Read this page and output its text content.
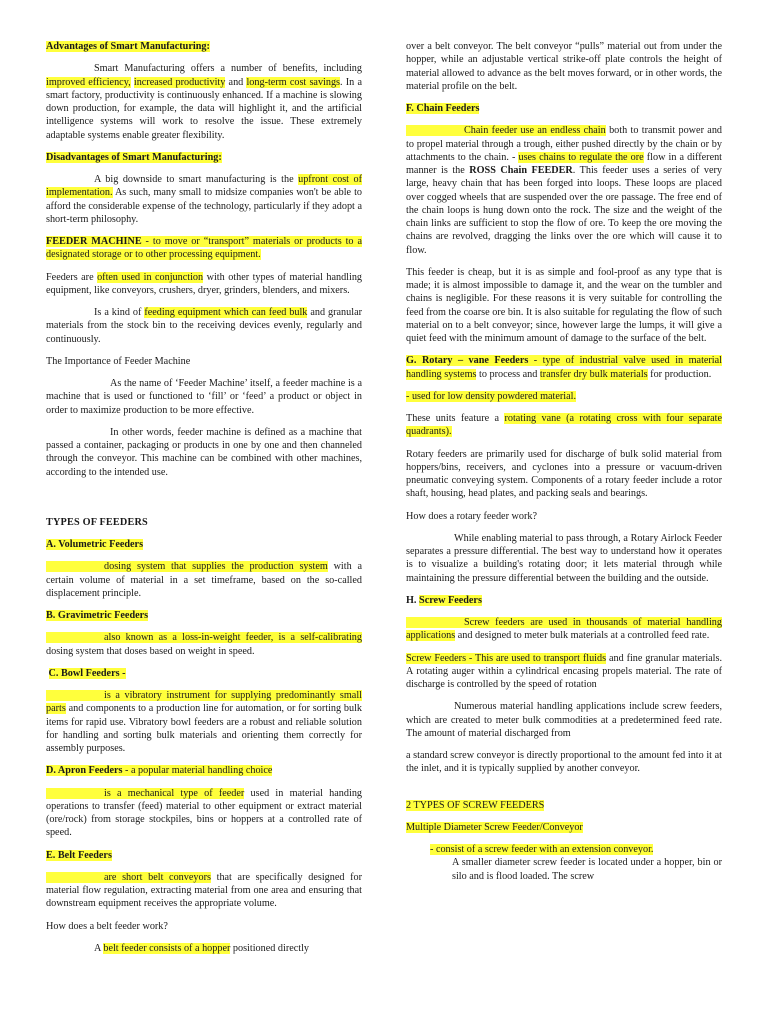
Advantages of Smart Manufacturing:

Smart Manufacturing offers a number of benefits, including improved efficiency, increased productivity and long-term cost savings. In a smart factory, productivity is continuously enhanced. If a machine is slowing down production, for example, the data will highlight it, and the artificial intelligence systems will work to resolve the issue. These extremely adaptable systems enable greater flexibility.

Disadvantages of Smart Manufacturing:

A big downside to smart manufacturing is the upfront cost of implementation. As such, many small to midsize companies won't be able to afford the considerable expense of the technology, particularly if they adopt a short-term philosophy.

FEEDER MACHINE - to move or “transport” materials or products to a designated storage or to other processing equipment.

Feeders are often used in conjunction with other types of material handling equipment, like conveyors, crushers, dryer, grinders, blenders, and mixers.

Is a kind of feeding equipment which can feed bulk and granular materials from the stock bin to the receiving devices evenly, regularly and continuously.

The Importance of Feeder Machine

As the name of ‘Feeder Machine’ itself, a feeder machine is a machine that is used or functioned to ‘fill’ or ‘feed’ a product or object in order to maximize production to be more effective.

In other words, feeder machine is defined as a machine that passed a container, packaging or products in one by one and then channeled through the conveyor. This machine can be combined with other machines, according to the intended use.

TYPES OF FEEDERS

A. Volumetric Feeders

dosing system that supplies the production system with a certain volume of material in a set timeframe, based on the so-called displacement principle.

B. Gravimetric Feeders

also known as a loss-in-weight feeder, is a self-calibrating dosing system that doses based on weight in speed.

C. Bowl Feeders -

is a vibratory instrument for supplying predominantly small parts and components to a production line for automation, or for sorting bulk items for rapid use. Vibratory bowl feeders are a robust and reliable solution for handling and sorting bulk materials and orienting them correctly for assembly purposes.

D. Apron Feeders - a popular material handling choice

is a mechanical type of feeder used in material handing operations to transfer (feed) material to other equipment or extract material (ore/rock) from storage stockpiles, bins or hoppers at a controlled rate of speed.

E. Belt Feeders

are short belt conveyors that are specifically designed for material flow regulation, extracting material from one area and ensuring that downstream equipment receives the appropriate volume.

How does a belt feeder work?

A belt feeder consists of a hopper positioned directly

over a belt conveyor. The belt conveyor “pulls” material out from under the hopper, while an adjustable vertical strike-off plate controls the height of material allowed to advance as the belt moves forward, or in other words, the material profile on the belt.

F. Chain Feeders

Chain feeder use an endless chain both to transmit power and to propel material through a trough, either pushed directly by the chain or by attachments to the chain. - uses chains to regulate the ore flow in a different manner is the ROSS Chain FEEDER. This feeder uses a series of very large, heavy chain that has been forged into loops. These loops are placed over cogged wheels that are suspended over the ore passage. The free end of the chain loops is hung down onto the rock. The size and the weight of the chain links are sufficient to stop the flow of ore. To keep the ore moving the chains are revolved, dragging the links over the ore which will cause it to flow.

This feeder is cheap, but it is as simple and fool-proof as any type that is made; it is almost impossible to damage it, and the wear on the tumbler and chains is negligible. For these reasons it is very suitable for controlling the feed from the coarse ore bin. It is also suitable for regulating the flow of such material on to a belt conveyor; since, however large the lumps, it will give a quiet feed with the minimum amount of damage to the surface of the belt.

G. Rotary – vane Feeders - type of industrial valve used in material handling systems to process and transfer dry bulk materials for production.

- used for low density powdered material.

These units feature a rotating vane (a rotating cross with four separate quadrants).

Rotary feeders are primarily used for discharge of bulk solid material from hoppers/bins, receivers, and cyclones into a pressure or vacuum-driven pneumatic conveying system. Components of a rotary feeder include a rotor shaft, housing, head plates, and packing seals and bearings.

How does a rotary feeder work?

While enabling material to pass through, a Rotary Airlock Feeder separates a pressure differential. The best way to understand how it operates is to visualize a building's rotating door; it lets material through while maintaining the pressure differential between the building and the outside.

H. Screw Feeders

Screw feeders are used in thousands of material handling applications and designed to meter bulk materials at a controlled feed rate.

Screw Feeders - This are used to transport fluids and fine granular materials. A rotating auger within a cylindrical encasing propels material. The rate of discharge is controlled by the speed of rotation

Numerous material handling applications include screw feeders, which are created to meter bulk commodities at a predetermined feed rate. The amount of material discharged from

a standard screw conveyor is directly proportional to the amount fed into it at the inlet, and it is typically supplied by another conveyor.

2 TYPES OF SCREW FEEDERS

Multiple Diameter Screw Feeder/Conveyor

- consist of a screw feeder with an extension conveyor.

A smaller diameter screw feeder is located under a hopper, bin or silo and is flood loaded. The screw
